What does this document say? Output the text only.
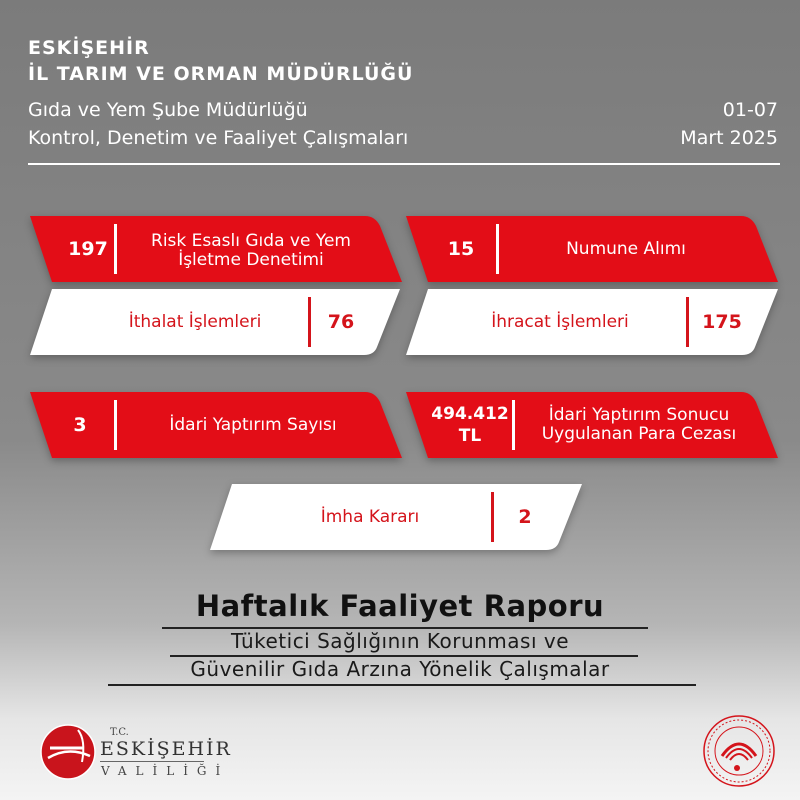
ESKİŞEHİR
İL TARIM VE ORMAN MÜDÜRLÜĞÜ
Gıda ve Yem Şube Müdürlüğü
Kontrol, Denetim ve Faaliyet Çalışmaları
01-07
Mart 2025
197	Risk Esaslı Gıda ve Yem İşletme Denetimi	15	Numune Alımı
İthalat İşlemleri	76	İhracat İşlemleri	175
3	İdari Yaptırım Sayısı
494.412 TL
İdari Yaptırım Sonucu Uygulanan Para Cezası
İmha Kararı	2
Haftalık Faaliyet Raporu
Tüketici Sağlığının Korunması ve
Güvenilir Gıda Arzına Yönelik Çalışmalar
T.C.
ESKİŞEHİR
VALİLİĞİ
